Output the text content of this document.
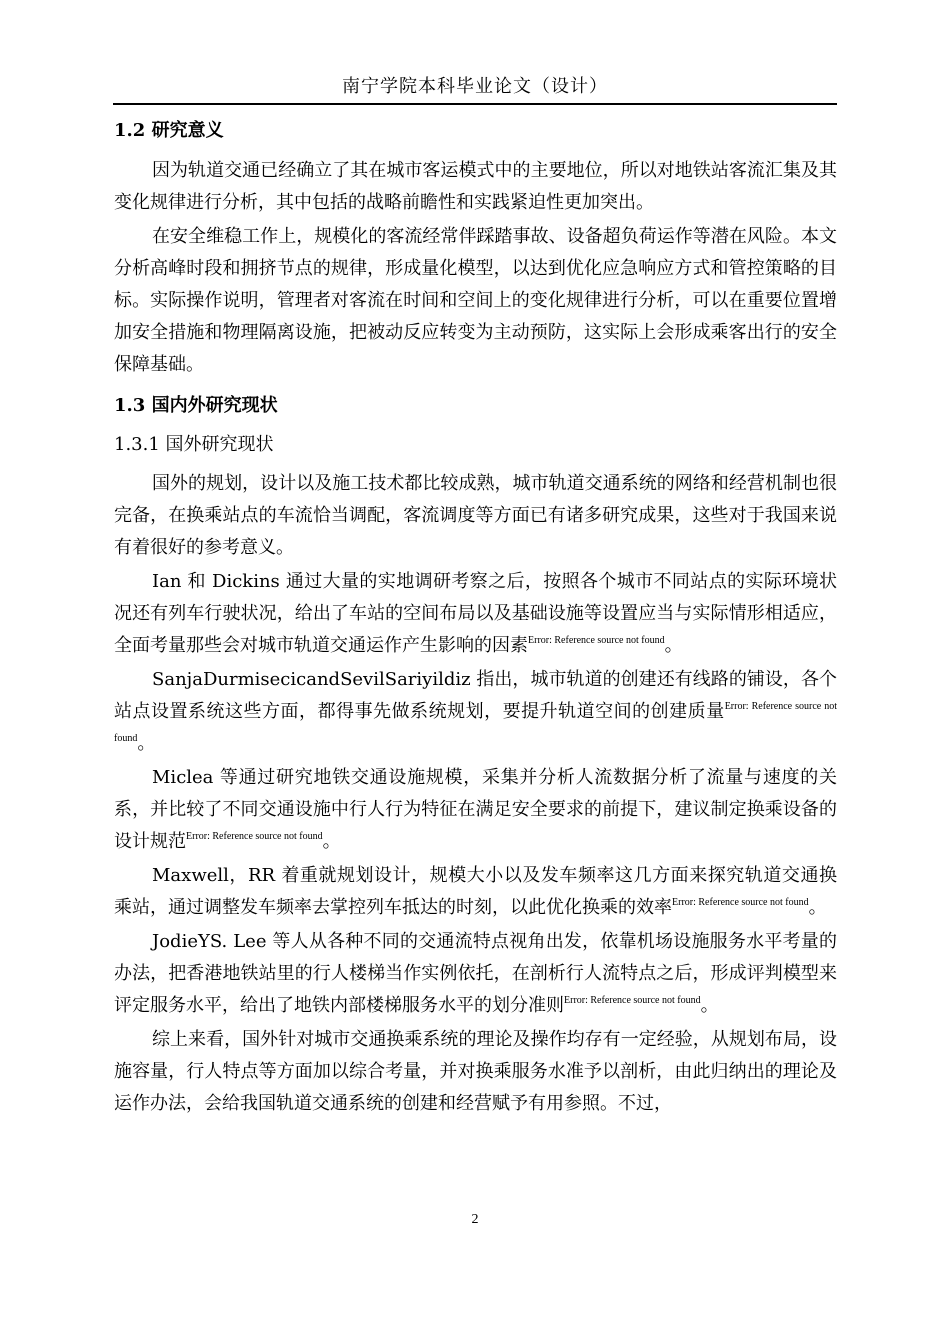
南宁学院本科毕业论文（设计）
1.2 研究意义

因为轨道交通已经确立了其在城市客运模式中的主要地位，所以对地铁站客流汇集及其变化规律进行分析，其中包括的战略前瞻性和实践紧迫性更加突出。

在安全维稳工作上，规模化的客流经常伴踩踏事故、设备超负荷运作等潜在风险。本文分析高峰时段和拥挤节点的规律，形成量化模型，以达到优化应急响应方式和管控策略的目标。实际操作说明，管理者对客流在时间和空间上的变化规律进行分析，可以在重要位置增加安全措施和物理隔离设施，把被动反应转变为主动预防，这实际上会形成乘客出行的安全保障基础。

1.3 国内外研究现状
1.3.1 国外研究现状

国外的规划，设计以及施工技术都比较成熟，城市轨道交通系统的网络和经营机制也很完备，在换乘站点的车流恰当调配，客流调度等方面已有诸多研究成果，这些对于我国来说有着很好的参考意义。

Ian 和 Dickins 通过大量的实地调研考察之后，按照各个城市不同站点的实际环境状况还有列车行驶状况，给出了车站的空间布局以及基础设施等设置应当与实际情形相适应，全面考量那些会对城市轨道交通运作产生影响的因素$^{Error: Reference source not found}$。

SanjaDurmisecicandSevilSariyildiz 指出，城市轨道的创建还有线路的铺设，各个站点设置系统这些方面，都得事先做系统规划，要提升轨道空间的创建质量$^{Error: Reference source not found}$。

Miclea 等通过研究地铁交通设施规模，采集并分析人流数据分析了流量与速度的关系，并比较了不同交通设施中行人行为特征在满足安全要求的前提下，建议制定换乘设备的设计规范$^{Error: Reference source not found}$。

Maxwell，RR 着重就规划设计，规模大小以及发车频率这几方面来探究轨道交通换乘站，通过调整发车频率去掌控列车抵达的时刻，以此优化换乘的效率$^{Error: Reference source not found}$。

JodieYS. Lee 等人从各种不同的交通流特点视角出发，依靠机场设施服务水平考量的办法，把香港地铁站里的行人楼梯当作实例依托，在剖析行人流特点之后，形成评判模型来评定服务水平，给出了地铁内部楼梯服务水平的划分准则$^{Error: Reference source not found}$。

综上来看，国外针对城市交通换乘系统的理论及操作均存有一定经验，从规划布局，设施容量，行人特点等方面加以综合考量，并对换乘服务水准予以剖析，由此归纳出的理论及运作办法，会给我国轨道交通系统的创建和经营赋予有用参照。不过，

2
